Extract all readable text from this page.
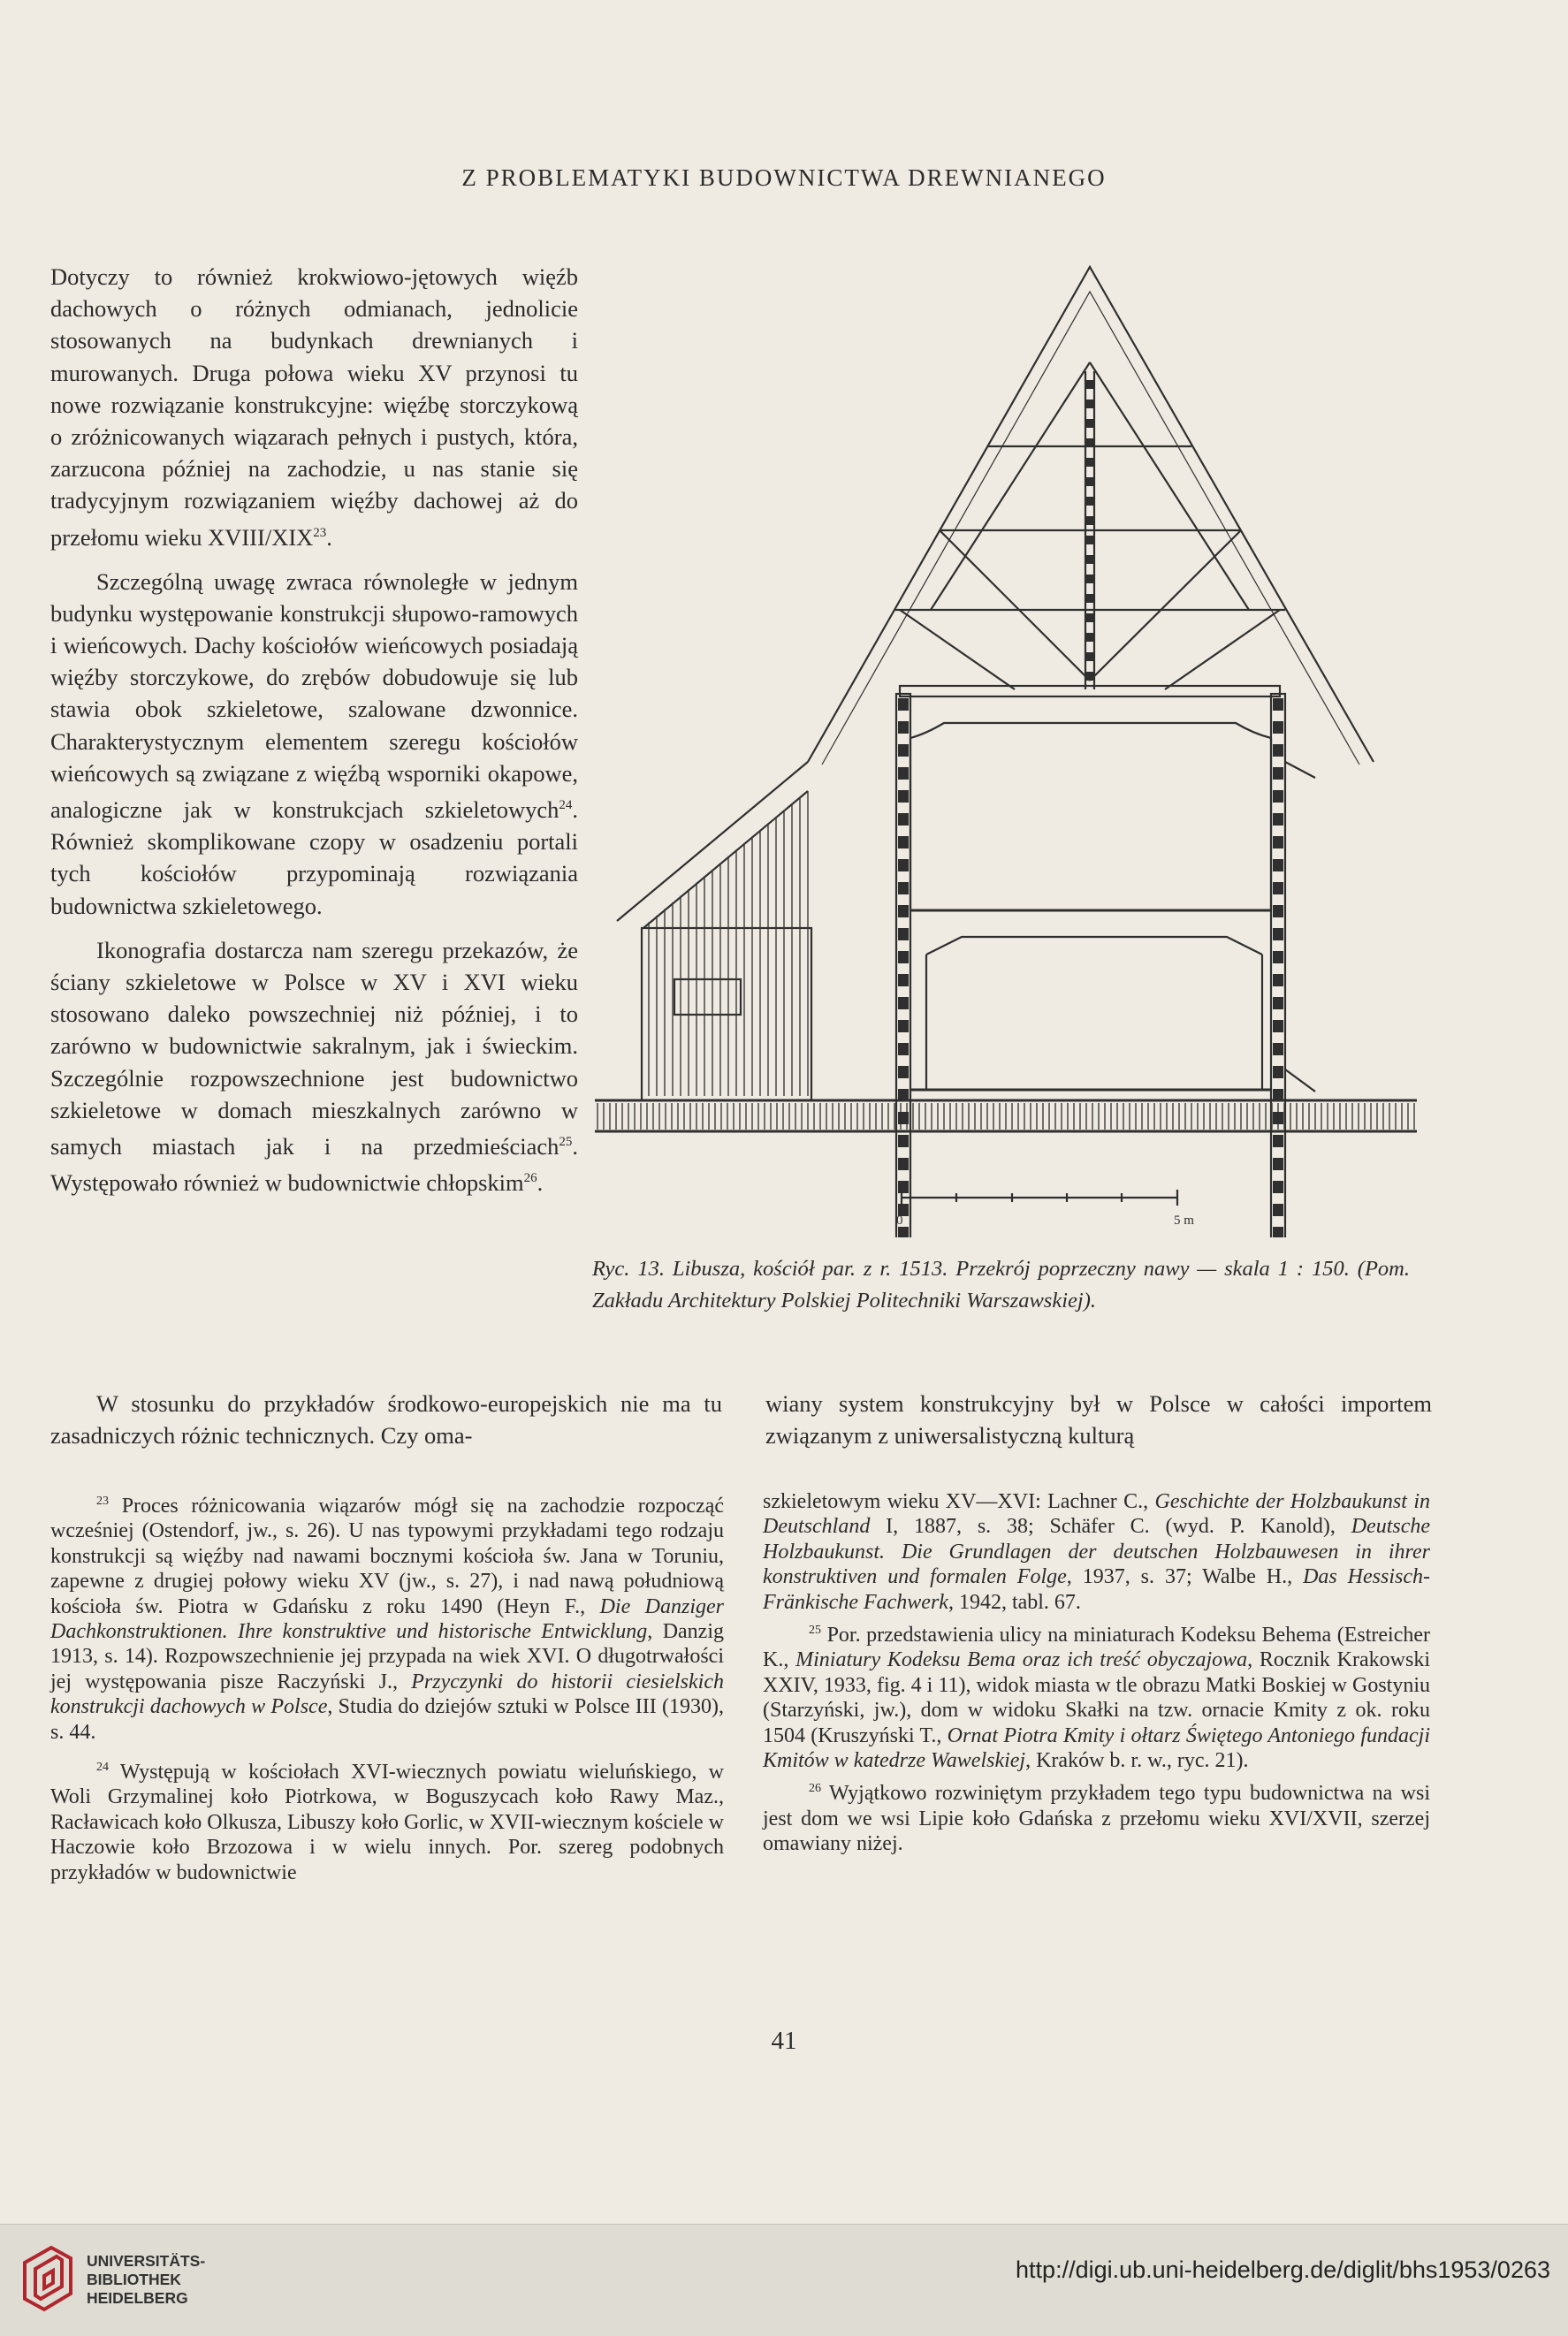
Z PROBLEMATYKI BUDOWNICTWA DREWNIANEGO

Dotyczy to również krokwiowo-jętowych więźb dachowych o różnych odmianach, jednolicie stosowanych na budynkach drewnianych i murowanych. Druga połowa wieku XV przynosi tu nowe rozwiązanie konstrukcyjne: więźbę storczykową o zróżnicowanych wiązarach pełnych i pustych, która, zarzucona później na zachodzie, u nas stanie się tradycyjnym rozwiązaniem więźby dachowej aż do przełomu wieku XVIII/XIX$^{23}$.

Szczególną uwagę zwraca równoległe w jednym budynku występowanie konstrukcji słupowo-ramowych i wieńcowych. Dachy kościołów wieńcowych posiadają więźby storczykowe, do zrębów dobudowuje się lub stawia obok szkieletowe, szalowane dzwonnice. Charakterystycznym elementem szeregu kościołów wieńcowych są związane z więźbą wsporniki okapowe, analogiczne jak w konstrukcjach szkieletowych$^{24}$. Również skomplikowane czopy w osadzeniu portali tych kościołów przypominają rozwiązania budownictwa szkieletowego.

Ikonografia dostarcza nam szeregu przekazów, że ściany szkieletowe w Polsce w XV i XVI wieku stosowano daleko powszechniej niż później, i to zarówno w budownictwie sakralnym, jak i świeckim. Szczególnie rozpowszechnione jest budownictwo szkieletowe w domach mieszkalnych zarówno w samych miastach jak i na przedmieściach$^{25}$. Występowało również w budownictwie chłopskim$^{26}$.

0	5 m
Ryc. 13. Libusza, kościół par. z r. 1513. Przekrój poprzeczny nawy — skala 1 : 150. (Pom. Zakładu Architektury Polskiej Politechniki Warszawskiej).

W stosunku do przykładów środkowo-europejskich nie ma tu zasadniczych różnic technicznych. Czy oma-

wiany system konstrukcyjny był w Polsce w całości importem związanym z uniwersalistyczną kulturą

$^{23}$ Proces różnicowania wiązarów mógł się na zachodzie rozpocząć wcześniej (Ostendorf, jw., s. 26). U nas typowymi przykładami tego rodzaju konstrukcji są więźby nad nawami bocznymi kościoła św. Jana w Toruniu, zapewne z drugiej połowy wieku XV (jw., s. 27), i nad nawą południową kościoła św. Piotra w Gdańsku z roku 1490 (Heyn F., Die Danziger Dachkonstruktionen. Ihre konstruktive und historische Entwicklung, Danzig 1913, s. 14). Rozpowszechnienie jej przypada na wiek XVI. O długotrwałości jej występowania pisze Raczyński J., Przyczynki do historii ciesielskich konstrukcji dachowych w Polsce, Studia do dziejów sztuki w Polsce III (1930), s. 44.

$^{24}$ Występują w kościołach XVI-wiecznych powiatu wieluńskiego, w Woli Grzymalinej koło Piotrkowa, w Boguszycach koło Rawy Maz., Racławicach koło Olkusza, Libuszy koło Gorlic, w XVII-wiecznym kościele w Haczowie koło Brzozowa i w wielu innych. Por. szereg podobnych przykładów w budownictwie

szkieletowym wieku XV—XVI: Lachner C., Geschichte der Holzbaukunst in Deutschland I, 1887, s. 38; Schäfer C. (wyd. P. Kanold), Deutsche Holzbaukunst. Die Grundlagen der deutschen Holzbauwesen in ihrer konstruktiven und formalen Folge, 1937, s. 37; Walbe H., Das Hessisch-Fränkische Fachwerk, 1942, tabl. 67.

$^{25}$ Por. przedstawienia ulicy na miniaturach Kodeksu Behema (Estreicher K., Miniatury Kodeksu Bema oraz ich treść obyczajowa, Rocznik Krakowski XXIV, 1933, fig. 4 i 11), widok miasta w tle obrazu Matki Boskiej w Gostyniu (Starzyński, jw.), dom w widoku Skałki na tzw. ornacie Kmity z ok. roku 1504 (Kruszyński T., Ornat Piotra Kmity i ołtarz Świętego Antoniego fundacji Kmitów w katedrze Wawelskiej, Kraków b. r. w., ryc. 21).

$^{26}$ Wyjątkowo rozwiniętym przykładem tego typu budownictwa na wsi jest dom we wsi Lipie koło Gdańska z przełomu wieku XVI/XVII, szerzej omawiany niżej.

41
UNIVERSITÄTS-
BIBLIOTHEK
HEIDELBERG
http://digi.ub.uni-heidelberg.de/diglit/bhs1953/0263
